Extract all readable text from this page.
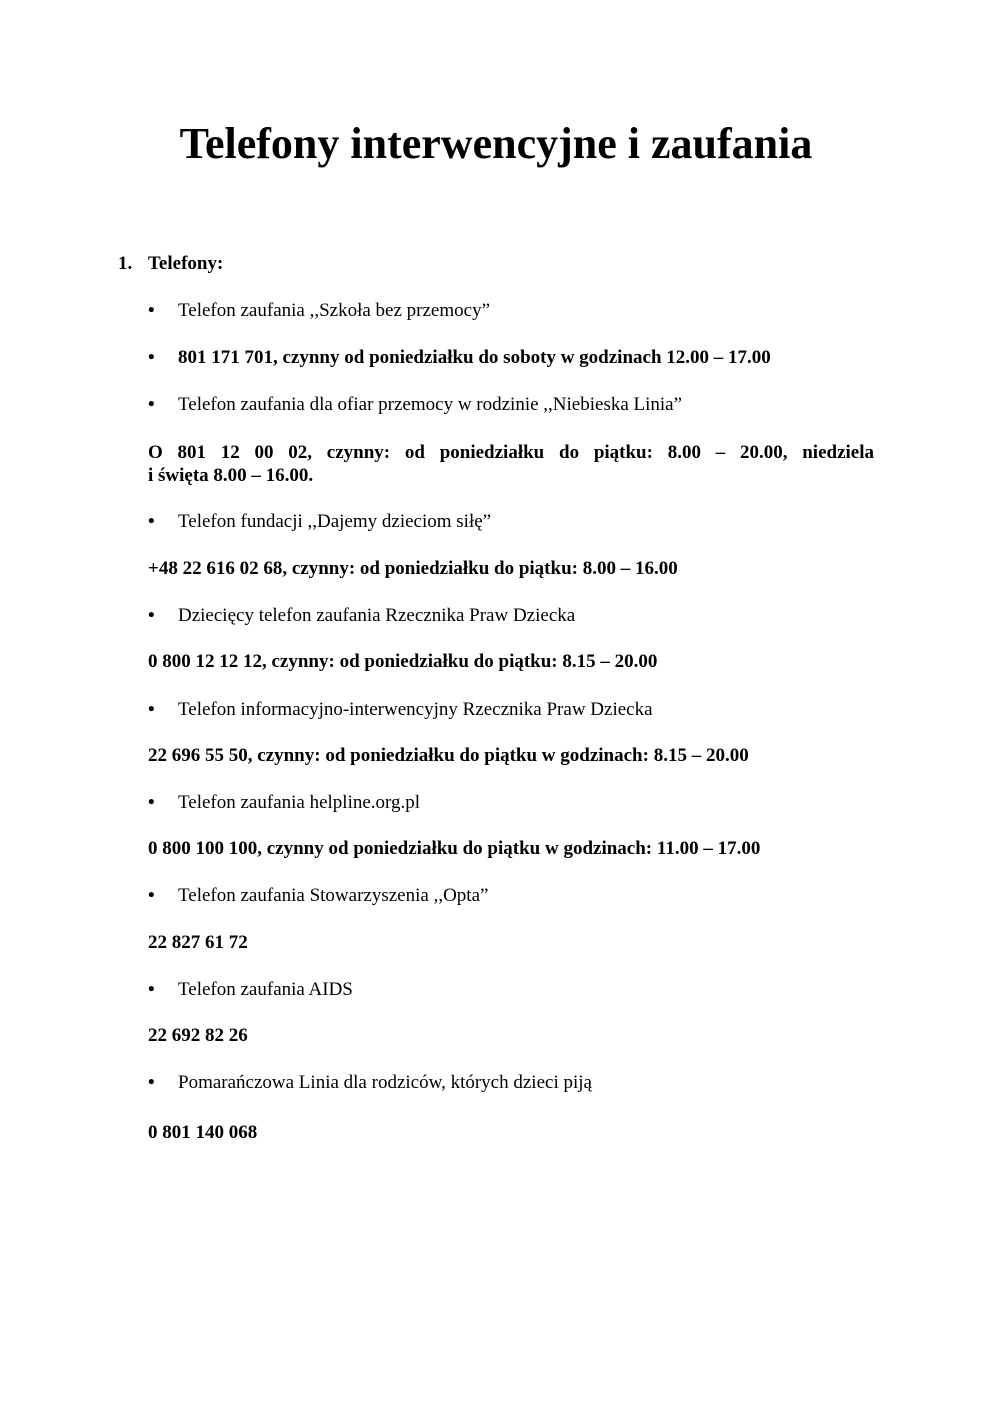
Telefony interwencyjne i zaufania
1. Telefony:
• Telefon zaufania ,,Szkoła bez przemocy”
• 801 171 701, czynny od poniedziałku do soboty w godzinach 12.00 – 17.00
• Telefon zaufania dla ofiar przemocy w rodzinie ,,Niebieska Linia”
O 801 12 00 02, czynny: od poniedziałku do piątku: 8.00 – 20.00, niedziela
i święta 8.00 – 16.00.
• Telefon fundacji ,,Dajemy dzieciom siłę”
+48 22 616 02 68, czynny: od poniedziałku do piątku: 8.00 – 16.00
• Dziecięcy telefon zaufania Rzecznika Praw Dziecka
0 800 12 12 12, czynny: od poniedziałku do piątku: 8.15 – 20.00
• Telefon informacyjno-interwencyjny Rzecznika Praw Dziecka
22 696 55 50, czynny: od poniedziałku do piątku w godzinach: 8.15 – 20.00
• Telefon zaufania helpline.org.pl
0 800 100 100, czynny od poniedziałku do piątku w godzinach: 11.00 – 17.00
• Telefon zaufania Stowarzyszenia ,,Opta”
22 827 61 72
• Telefon zaufania AIDS
22 692 82 26
• Pomarańczowa Linia dla rodziców, których dzieci piją
0 801 140 068
